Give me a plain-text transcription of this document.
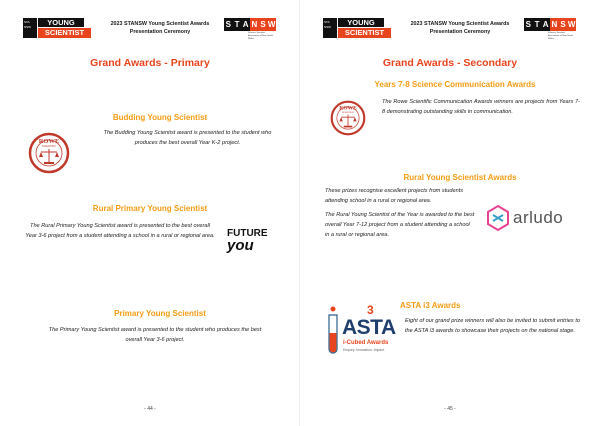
STA
NSW	YOUNG
SCIENTIST
2023 STANSW Young Scientist Awards
Presentation Ceremony
S T A N S W
Science Teachers' Association of New South Wales
Grand Awards - Primary
Budding Young Scientist
ROWE
SCIENTIFIC
The Budding Young Scientist award is presented to the student who produces the best overall Year K-2 project.
Rural Primary Young Scientist
The Rural Primary Young Scientist award is presented to the best overall Year 3-6 project from a student attending a school in a rural or regional area. FUTURE
you
Primary Young Scientist
The Primary Young Scientist award is presented to the student who produces the best overall Year 3-6 project.
- 44 -
STA
NSW	YOUNG
SCIENTIST
2023 STANSW Young Scientist Awards
Presentation Ceremony
S T A N S W
Science Teachers' Association of New South Wales
Grand Awards - Secondary
Years 7-8 Science Communication Awards
ROWE
SCIENTIFIC

The Rowe Scientific Communication Awards winners are projects from Years 7-8 demonstrating outstanding skills in communication.

Rural Young Scientist Awards

These prizes recognise excellent projects from students attending school in a rural or regional area.

The Rural Young Scientist of the Year is awarded to the best overall Year 7-12 project from a student attending a school in a rural or regional area.

arludo
ASTA i3 Awards
3
ASTA
i-Cubed Awards
Enquiry. Innovation. Impact.

Eight of our grand prize winners will also be invited to submit entries to the ASTA i3 awards to showcase their projects on the national stage.

- 45 -
